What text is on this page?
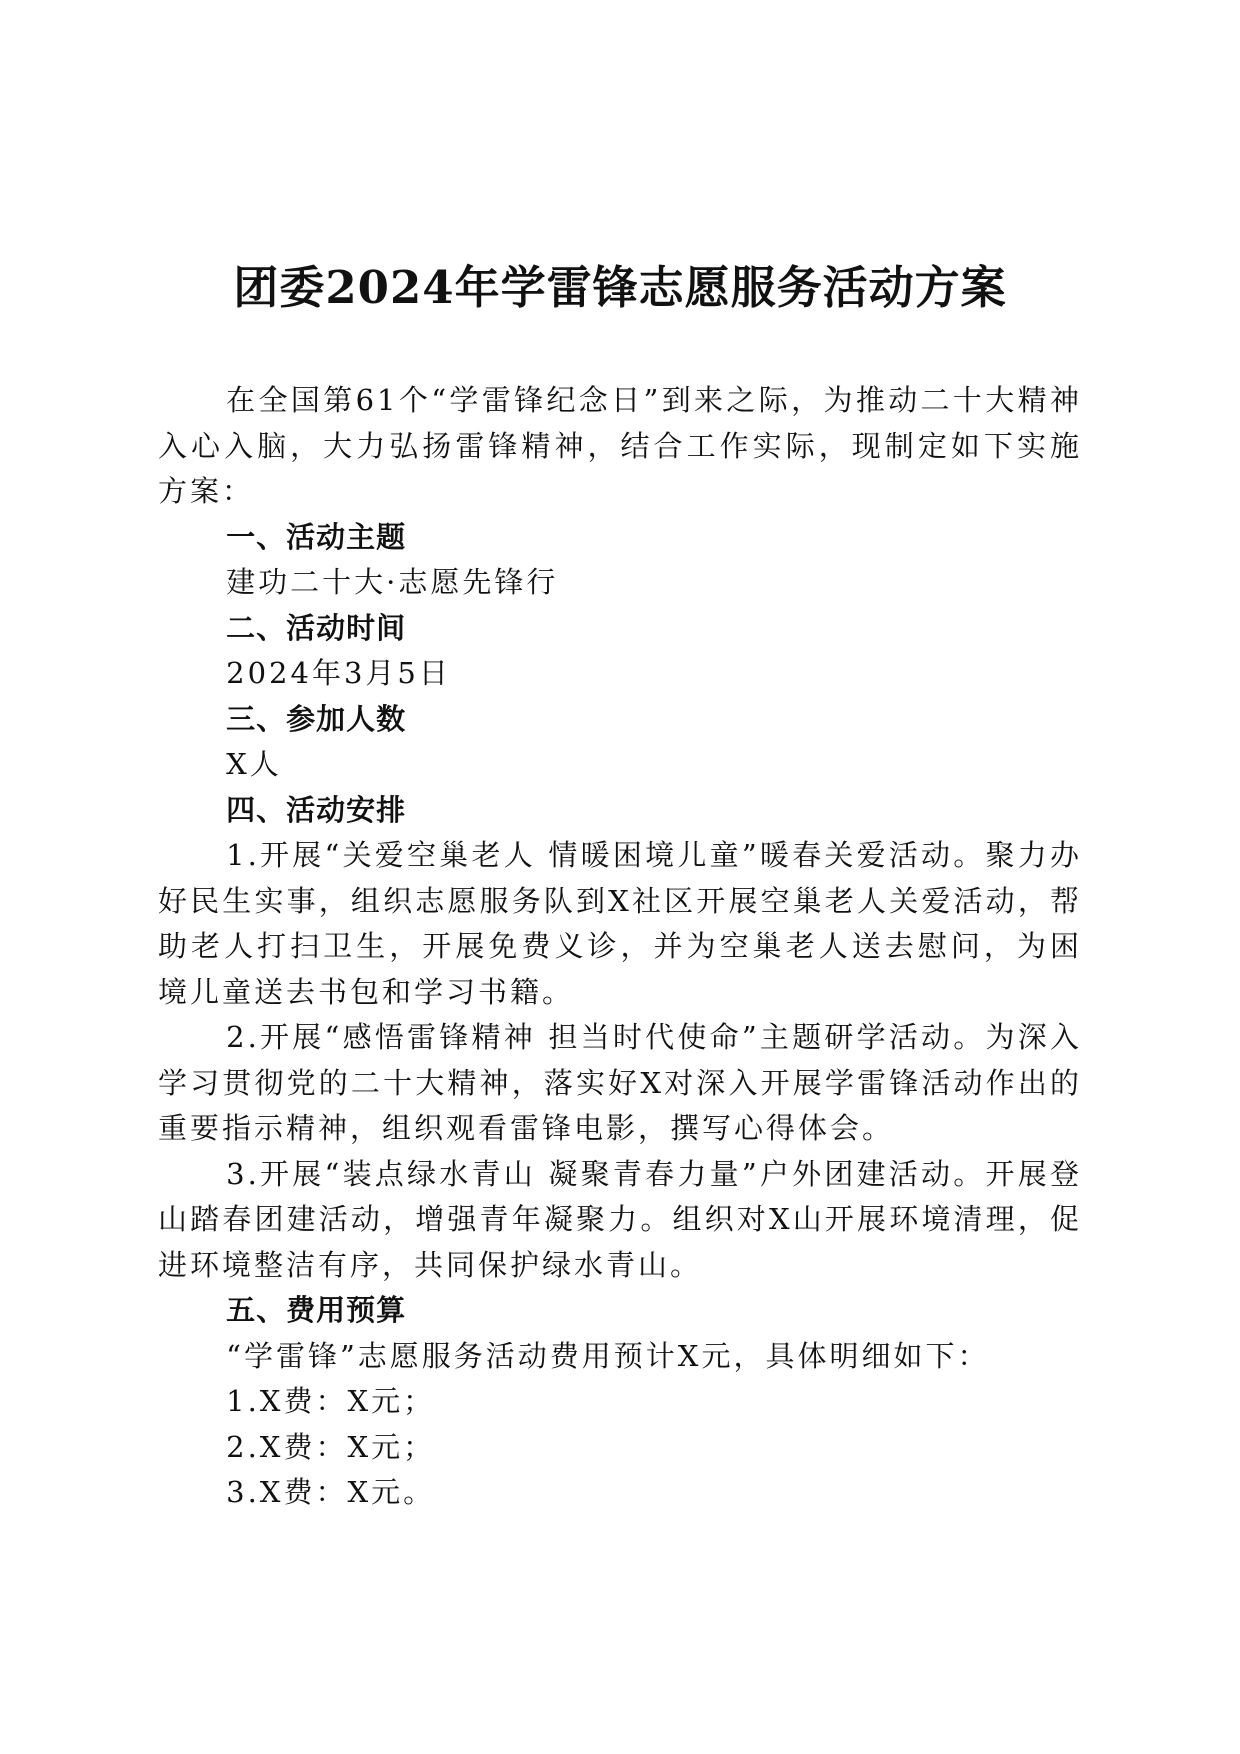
团委2024年学雷锋志愿服务活动方案

在全国第61个“学雷锋纪念日”到来之际，为推动二十大精神入心入脑，大力弘扬雷锋精神，结合工作实际，现制定如下实施方案：

一、活动主题

建功二十大·志愿先锋行

二、活动时间

2024年3月5日

三、参加人数

X人

四、活动安排

1.开展“关爱空巢老人 情暖困境儿童”暖春关爱活动。聚力办好民生实事，组织志愿服务队到X社区开展空巢老人关爱活动，帮助老人打扫卫生，开展免费义诊，并为空巢老人送去慰问，为困境儿童送去书包和学习书籍。

2.开展“感悟雷锋精神 担当时代使命”主题研学活动。为深入学习贯彻党的二十大精神，落实好X对深入开展学雷锋活动作出的重要指示精神，组织观看雷锋电影，撰写心得体会。

3.开展“装点绿水青山 凝聚青春力量”户外团建活动。开展登山踏春团建活动，增强青年凝聚力。组织对X山开展环境清理，促进环境整洁有序，共同保护绿水青山。

五、费用预算

“学雷锋”志愿服务活动费用预计X元，具体明细如下：

1.X费：X元；

2.X费：X元；

3.X费：X元。
